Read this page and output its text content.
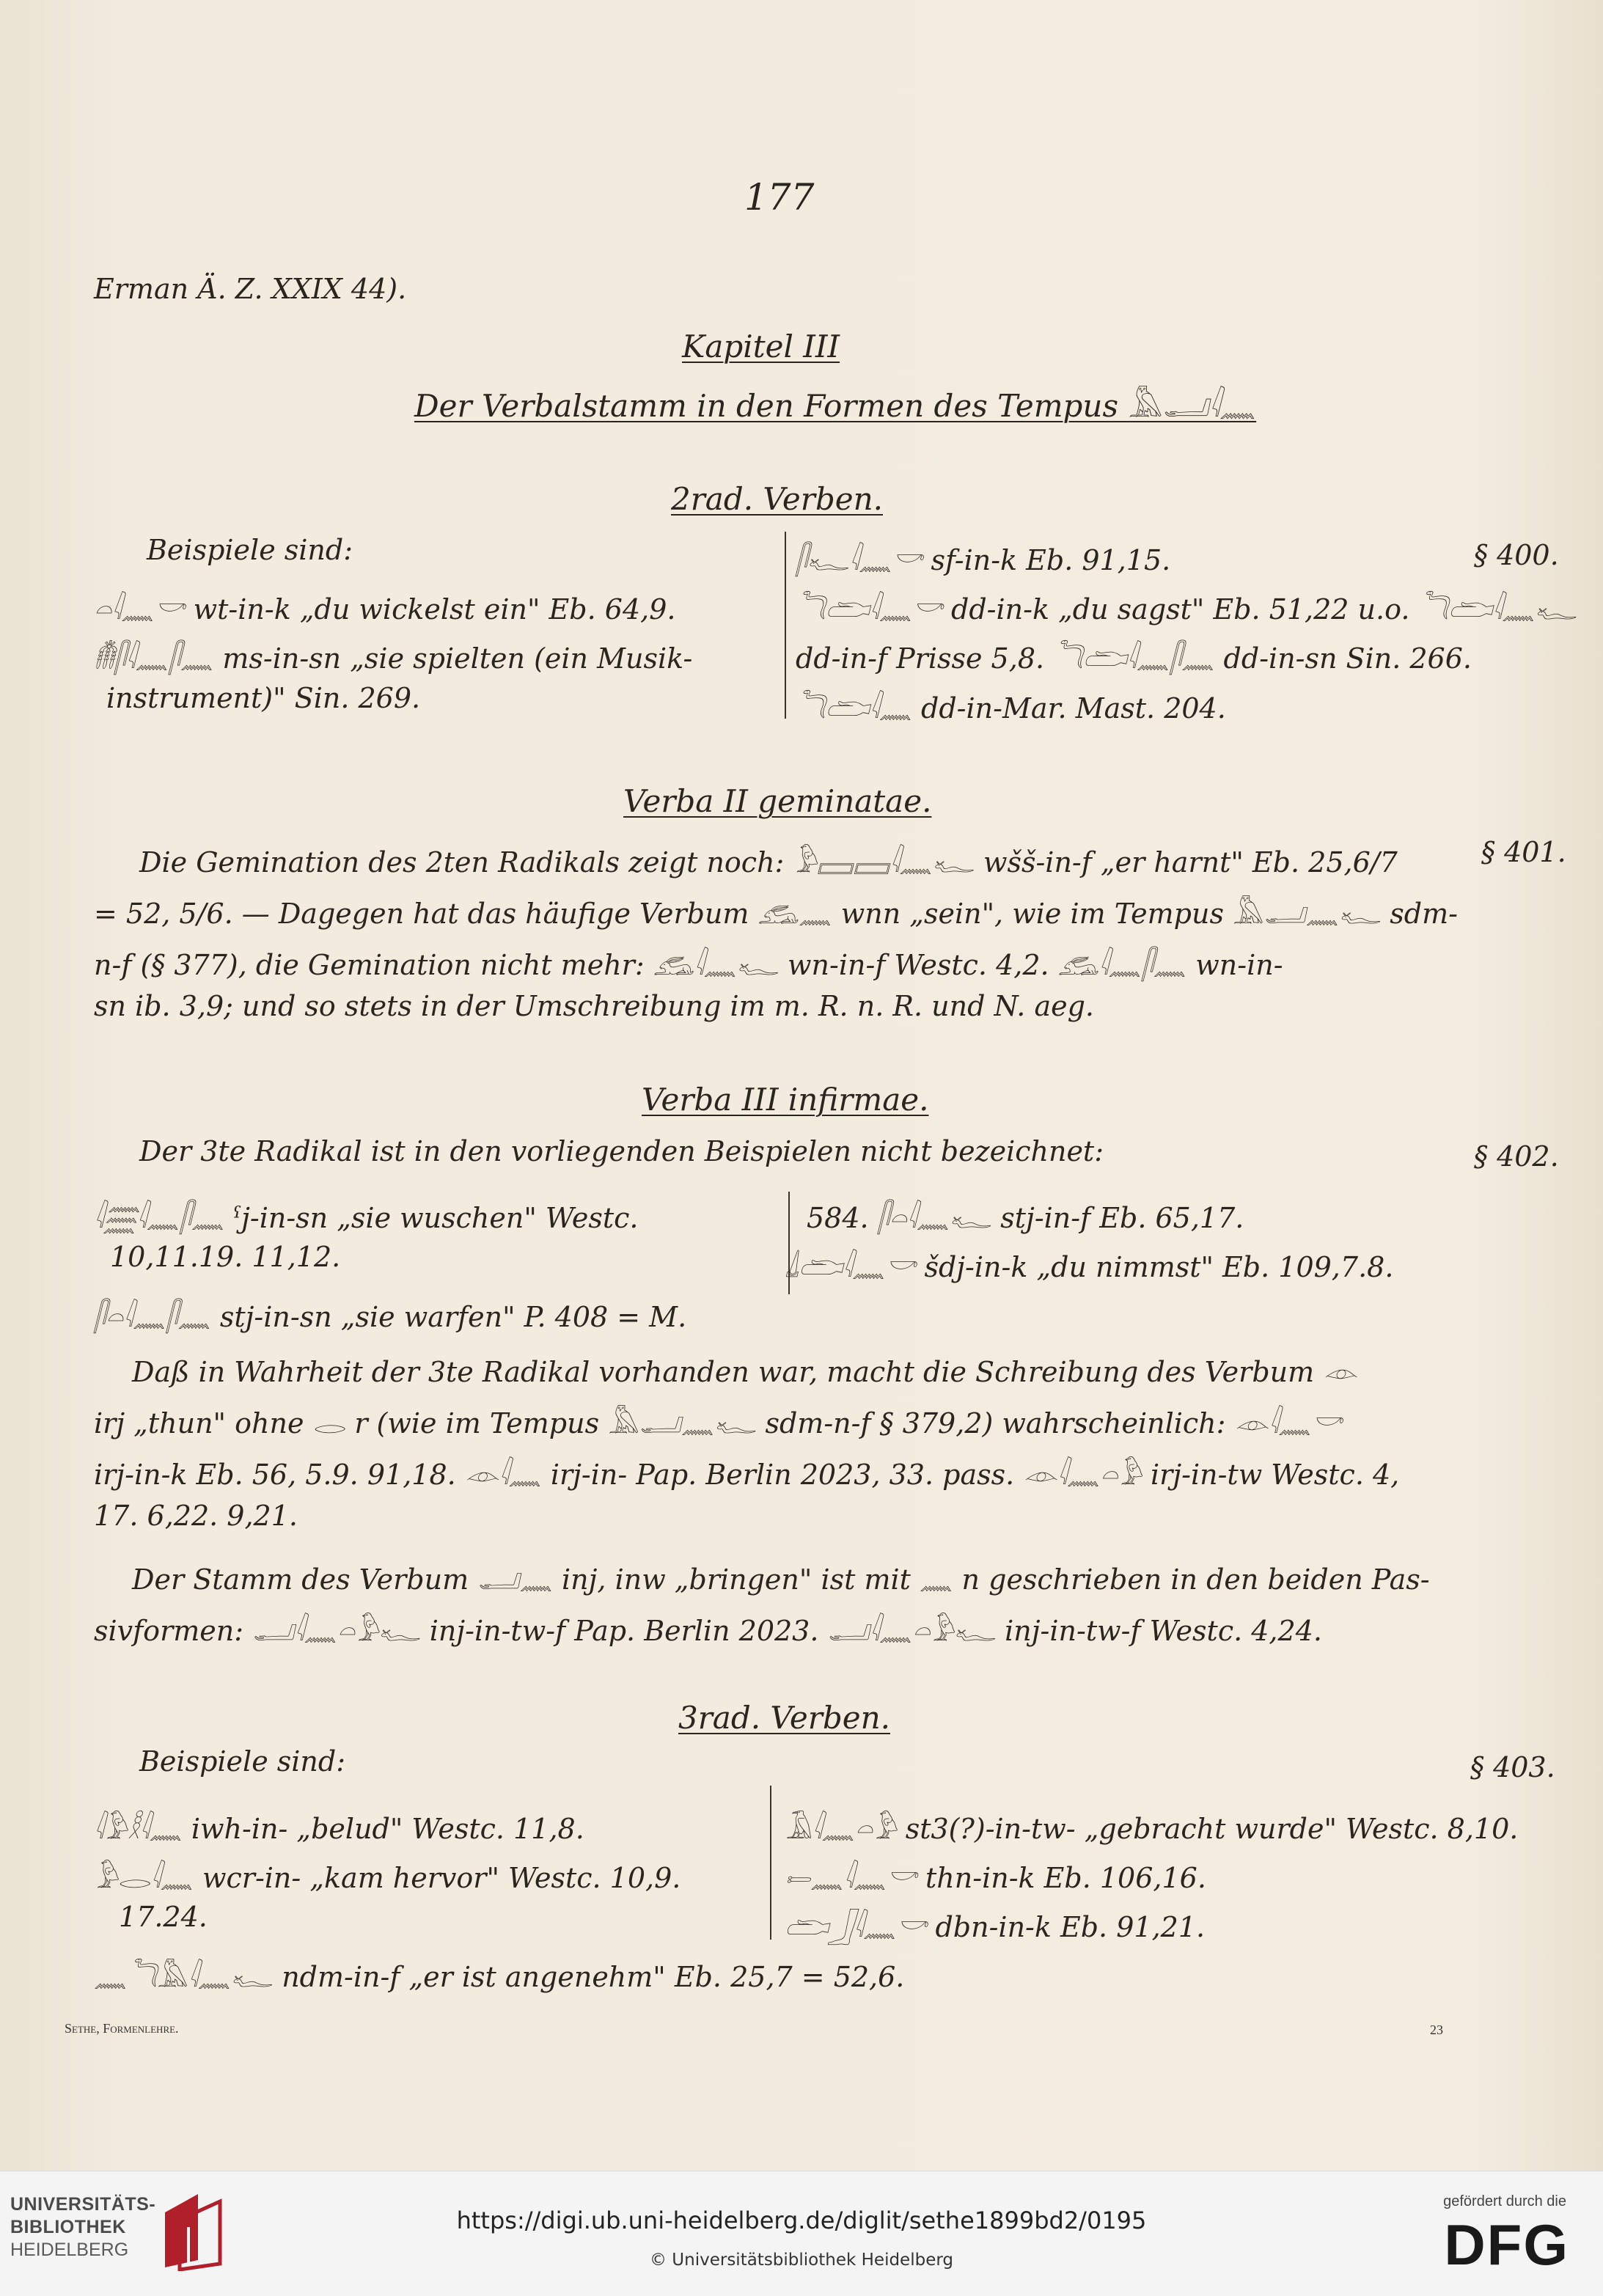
177
Erman Ä. Z. XXIX 44).
Kapitel III
Der Verbalstamm in den Formen des Tempus 𓅓𓂝𓇋𓈖
2rad. Verben.
Beispiele sind:
𓏏𓇋𓈖𓎡 wt-in-k „du wickelst ein" Eb. 64,9.
𓄟𓋴𓇋𓈖𓋴𓈖 ms-in-sn „sie spielten (ein Musik-
instrument)" Sin. 269.
𓋴𓆑𓇋𓈖𓎡 sf-in-k Eb. 91,15.
𓆓𓂧𓇋𓈖𓎡 dd-in-k „du sagst" Eb. 51,22 u.o. 𓆓𓂧𓇋𓈖𓆑
dd-in-f Prisse 5,8. 𓆓𓂧𓇋𓈖𓋴𓈖 dd-in-sn Sin. 266.
𓆓𓂧𓇋𓈖 dd-in-Mar. Mast. 204.
§ 400.
Verba II geminatae.
Die Gemination des 2ten Radikals zeigt noch: 𓅱𓈙𓈙𓇋𓈖𓆑 wšš-in-f „er harnt" Eb. 25,6/7	§ 401.
= 52, 5/6. — Dagegen hat das häufige Verbum 𓃹𓈖 wnn „sein", wie im Tempus 𓅓𓂝𓈖𓆑 sdm-
n-f (§ 377), die Gemination nicht mehr: 𓃹𓇋𓈖𓆑 wn-in-f Westc. 4,2. 𓃹𓇋𓈖𓋴𓈖 wn-in-
sn ib. 3,9; und so stets in der Umschreibung im m. R. n. R. und N. aeg.
Verba III infirmae.
Der 3te Radikal ist in den vorliegenden Beispielen nicht bezeichnet:	§ 402.
𓇋𓈗𓇋𓈖𓋴𓈖 ˁj-in-sn „sie wuschen" Westc.
10,11.19. 11,12.
𓋴𓏏𓇋𓈖𓋴𓈖 stj-in-sn „sie warfen" P. 408 = M.
584. 𓋴𓏏𓇋𓈖𓆑 stj-in-f Eb. 65,17.
𓍑𓂧𓇋𓈖𓎡 šdj-in-k „du nimmst" Eb. 109,7.8.
Daß in Wahrheit der 3te Radikal vorhanden war, macht die Schreibung des Verbum 𓁹
irj „thun" ohne 𓂋 r (wie im Tempus 𓅓𓂝𓈖𓆑 sdm-n-f § 379,2) wahrscheinlich: 𓁹𓇋𓈖𓎡
irj-in-k Eb. 56, 5.9. 91,18. 𓁹𓇋𓈖 irj-in- Pap. Berlin 2023, 33. pass. 𓁹𓇋𓈖𓏏𓅱 irj-in-tw Westc. 4,
17. 6,22. 9,21.
Der Stamm des Verbum 𓂝𓈖 inj, inw „bringen" ist mit 𓈖 n geschrieben in den beiden Pas-
sivformen: 𓂝𓇋𓈖𓏏𓅱𓆑 inj-in-tw-f Pap. Berlin 2023. 𓂝𓇋𓈖𓏏𓅱𓆑 inj-in-tw-f Westc. 4,24.
3rad. Verben.
Beispiele sind:	§ 403.
𓇋𓅱𓎛𓇋𓈖 iwh-in- „belud" Westc. 11,8.
𓅱𓂋𓇋𓈖 wcr-in- „kam hervor" Westc. 10,9.
17.24.
𓄿𓇋𓈖𓏏𓅱 st3(?)-in-tw- „gebracht wurde" Westc. 8,10.
𓍿𓈖𓇋𓈖𓎡 thn-in-k Eb. 106,16.
𓂧𓃀𓇋𓈖𓎡 dbn-in-k Eb. 91,21.
𓈖𓆓𓅓𓇋𓈖𓆑 ndm-in-f „er ist angenehm" Eb. 25,7 = 52,6.
Sethe, Formenlehre.	23
UNIVERSITÄTS-
BIBLIOTHEK
HEIDELBERG
https://digi.ub.uni-heidelberg.de/diglit/sethe1899bd2/0195
© Universitätsbibliothek Heidelberg
gefördert durch die
DFG
